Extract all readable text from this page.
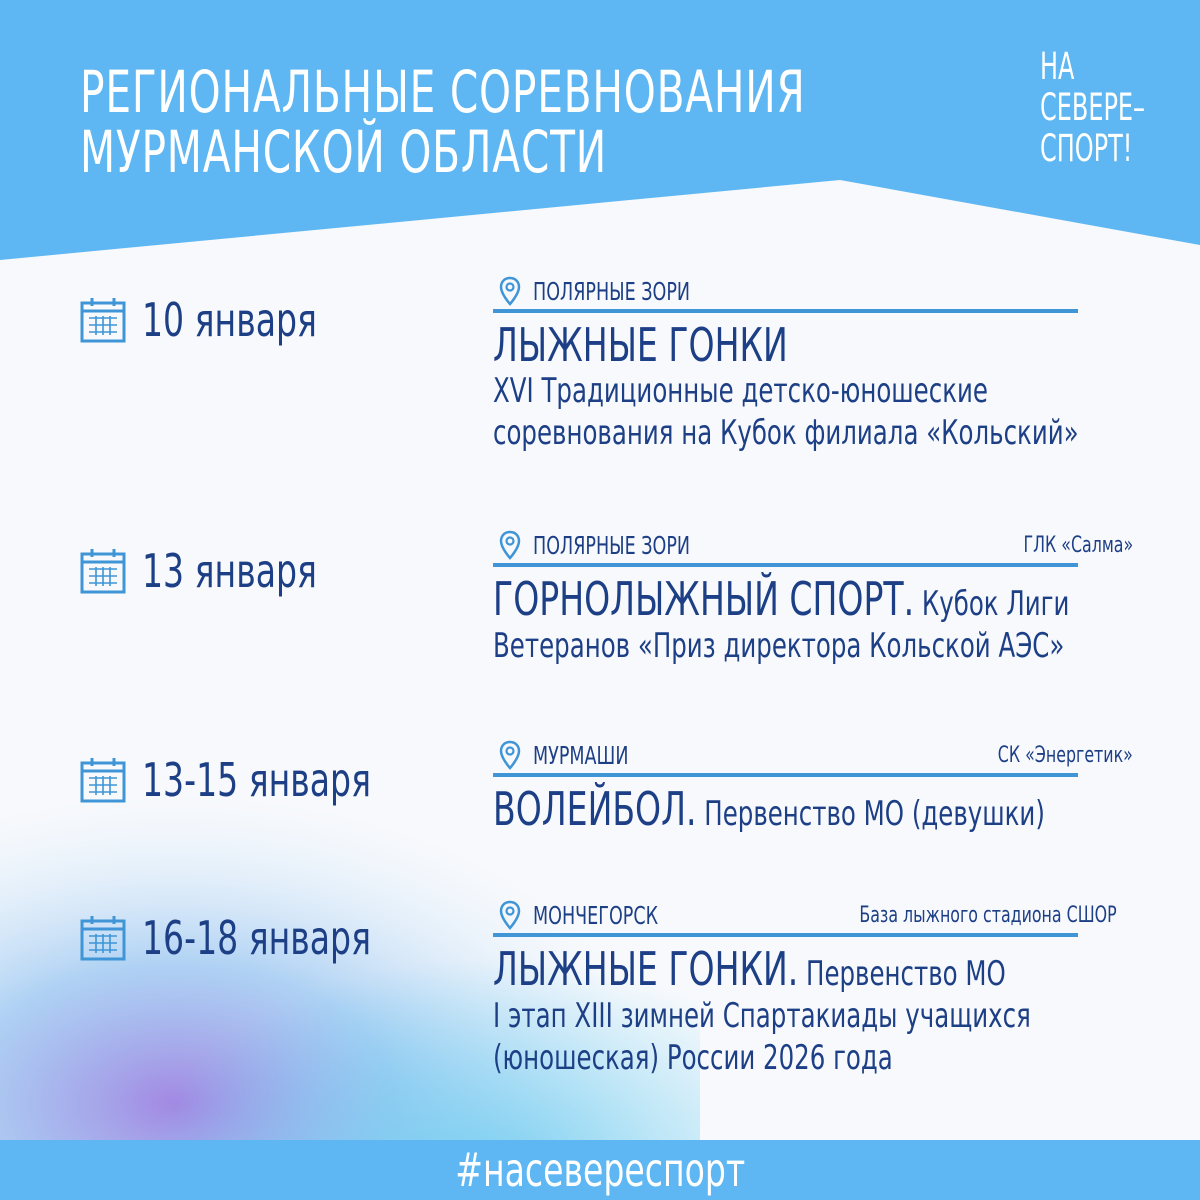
РЕГИОНАЛЬНЫЕ СОРЕВНОВАНИЯ
МУРМАНСКОЙ ОБЛАСТИ
НА
СЕВЕРЕ–
СПОРТ!
10 января
ПОЛЯРНЫЕ ЗОРИ
ЛЫЖНЫЕ ГОНКИ
XVI Традиционные детско-юношеские
соревнования на Кубок филиала «Кольский»
13 января	ПОЛЯРНЫЕ ЗОРИ	ГЛК «Салма»
ГОРНОЛЫЖНЫЙ СПОРТ. Кубок Лиги
Ветеранов «Приз директора Кольской АЭС»
13-15 января	МУРМАШИ	СК «Энергетик»
ВОЛЕЙБОЛ. Первенство МО (девушки)
16-18 января	МОНЧЕГОРСК	База лыжного стадиона СШОР
ЛЫЖНЫЕ ГОНКИ. Первенство МО
I этап XIII зимней Спартакиады учащихся
(юношеская) России 2026 года
#насевереспорт
